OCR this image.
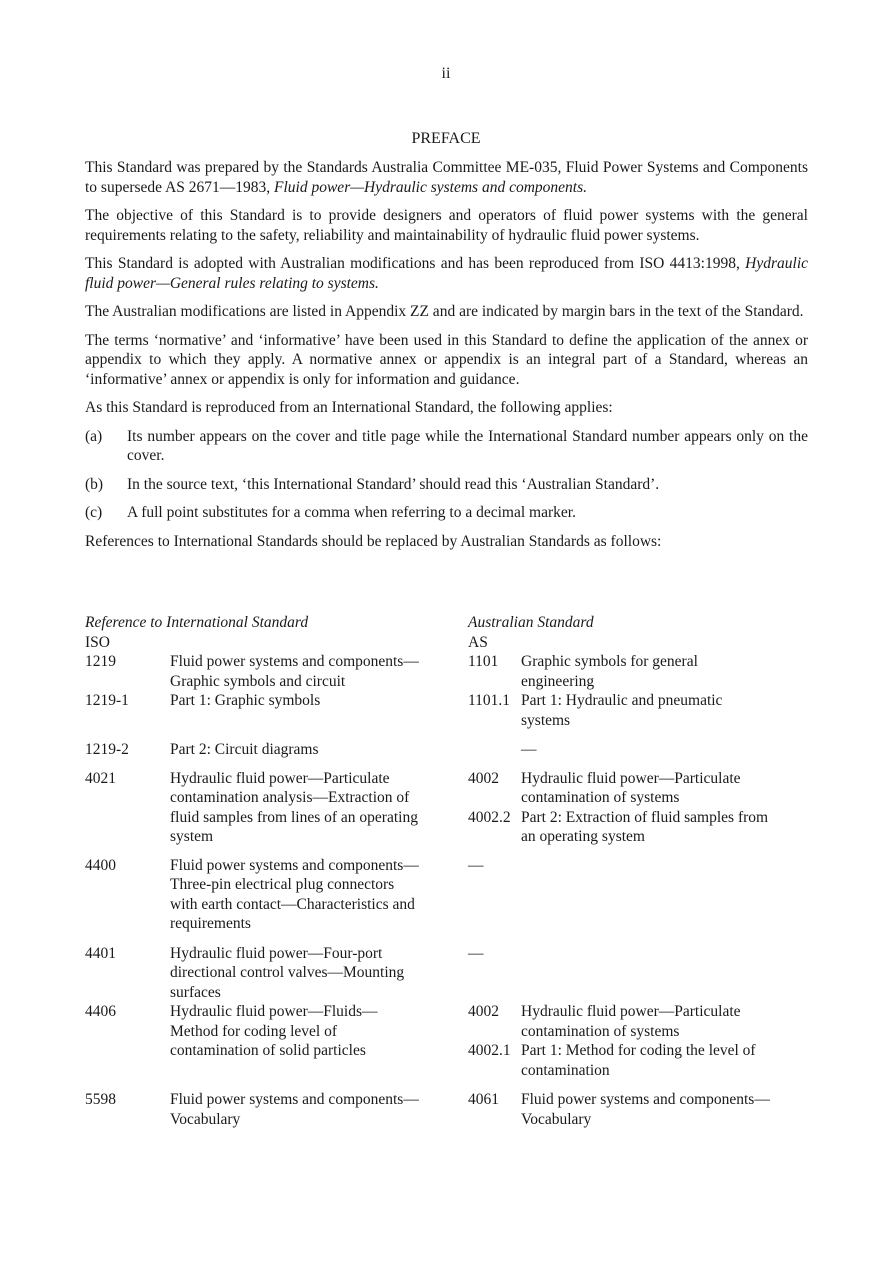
ii
PREFACE

This Standard was prepared by the Standards Australia Committee ME-035, Fluid Power Systems and Components to supersede AS 2671—1983, Fluid power—Hydraulic systems and components.

The objective of this Standard is to provide designers and operators of fluid power systems with the general requirements relating to the safety, reliability and maintainability of hydraulic fluid power systems.

This Standard is adopted with Australian modifications and has been reproduced from ISO 4413:1998, Hydraulic fluid power—General rules relating to systems.

The Australian modifications are listed in Appendix ZZ and are indicated by margin bars in the text of the Standard.

The terms ‘normative’ and ‘informative’ have been used in this Standard to define the application of the annex or appendix to which they apply. A normative annex or appendix is an integral part of a Standard, whereas an ‘informative’ annex or appendix is only for information and guidance.

As this Standard is reproduced from an International Standard, the following applies:

(a)	Its number appears on the cover and title page while the International Standard number appears only on the cover.
(b)	In the source text, ‘this International Standard’ should read this ‘Australian Standard’.
(c)	A full point substitutes for a comma when referring to a decimal marker.

References to International Standards should be replaced by Australian Standards as follows:

Reference to International Standard	Australian Standard
ISO	AS
1219	Fluid power systems and components—	1101	Graphic symbols for general
Graphic symbols and circuit	engineering
1219-1	Part 1: Graphic symbols	1101.1 Part 1: Hydraulic and pneumatic
systems
1219-2	Part 2: Circuit diagrams	—
4021	Hydraulic fluid power—Particulate	4002	Hydraulic fluid power—Particulate
contamination analysis—Extraction of	contamination of systems
fluid samples from lines of an operating	4002.2 Part 2: Extraction of fluid samples from
system	an operating system
4400	Fluid power systems and components—	—
Three-pin electrical plug connectors
with earth contact—Characteristics and
requirements
4401	Hydraulic fluid power—Four-port	—
directional control valves—Mounting
surfaces
4406	Hydraulic fluid power—Fluids—	4002	Hydraulic fluid power—Particulate
Method for coding level of	contamination of systems
contamination of solid particles	4002.1 Part 1: Method for coding the level of
contamination
5598	Fluid power systems and components—	4061	Fluid power systems and components—
Vocabulary	Vocabulary
